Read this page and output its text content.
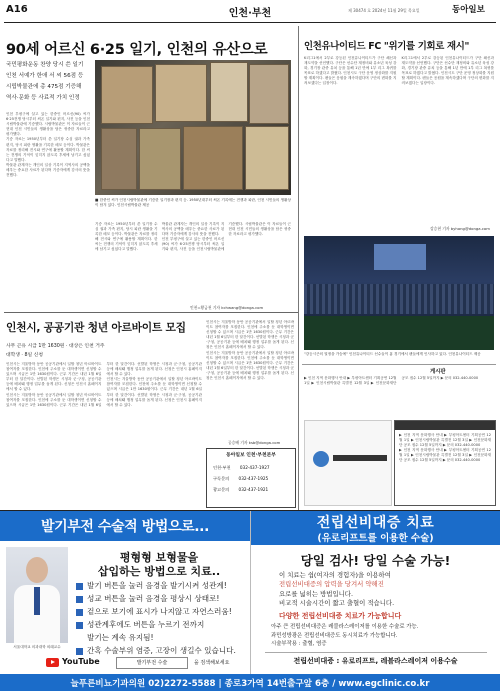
A16	인천·부천	제 30474 호 2024년 11월 29일 목요일	동아일보
90세 어르신 6·25 일기, 인천의 유산으로
국민평화운동 찬양 당시 쓴 일기
인천 서예가 한애 서 씨 56점 등
시립박물관에 총 475점 기증해
역사·문화 등 사료적 가치 인정
인천 부평구에 살고 있는 한중인 어르신(90) 씨가 6·25전쟁 당시부터 써온 일기와 편지, 사진 등을 인천시립박물관에 기증했다. 시립박물관은 이 자료들이 근현대 인천 시민들의 생활상을 담은 귀중한 자료라고 평가했다.
기증 자료는 1950년부터 쓴 일기장 수십 권과 가족 편지, 당시 피란 생활을 기록한 메모 등이다. 박물관은 자료를 정리해 전시와 연구에 활용할 계획이다. 한 씨는 전쟁의 기억이 잊히지 않도록 후세에 남기고 싶었다고 말했다.
박물관 관계자는 개인의 일상 기록이 지역사의 공백을 메우는 중요한 사료가 된다며 기증자에게 감사의 뜻을 전했다.
■ 한중인 씨가 인천시립박물관에 기증한 일기장과 편지 등. 1950년대부터 써온 기록에는 전쟁과 피란, 인천 시민들의 생활상이 담겨 있다. 인천시립박물관 제공
기증 자료는 1950년부터 쓴 일기장 수십 권과 가족 편지, 당시 피란 생활을 기록한 메모 등이다. 박물관은 자료를 정리해 전시와 연구에 활용할 계획이다. 한 씨는 전쟁의 기억이 잊히지 않도록 후세에 남기고 싶었다고 말했다.
박물관 관계자는 개인의 일상 기록이 지역사의 공백을 메우는 중요한 사료가 된다며 기증자에게 감사의 뜻을 전했다.
인천 부평구에 살고 있는 한중인 어르신(90) 씨가 6·25전쟁 당시부터 써온 일기와 편지, 사진 등을 인천시립박물관에 기증했다. 시립박물관은 이 자료들이 근현대 인천 시민들의 생활상을 담은 귀중한 자료라고 평가했다.
인천=황금천 기자 kchwang@donga.com
인천유나이티드 FC "위기를 기회로 재시"
K리그1에서 2부로 강등된 인천유나이티드가 구단 쇄신과 재도약을 선언했다. 구단은 선수단 재정비와 유소년 육성 강화, 경기장 관중 유치 등을 통해 1년 만에 1부 리그 복귀를 목표로 하겠다고 밝혔다. 인천시도 구단 운영 정상화를 지원할 계획이다. 팬들은 응원을 계속하겠다며 구단의 변화를 지켜보겠다는 입장이다.
K리그1에서 2부로 강등된 인천유나이티드가 구단 쇄신과 재도약을 선언했다. 구단은 선수단 재정비와 유소년 육성 강화, 경기장 관중 유치 등을 통해 1년 만에 1부 리그 복귀를 목표로 하겠다고 밝혔다. 인천시도 구단 운영 정상화를 지원할 계획이다. 팬들은 응원을 계속하겠다며 구단의 변화를 지켜보겠다는 입장이다.
강승현 기자 byhong@donga.com
"강등시즌의 열정을 가슴에" 인천유나이티드 선수들이 홈 경기에서 팬들에게 인사하고 있다. 인천유나이티드 제공
게시판
▶ 인천 지역 문화행사 안내 ▶ 부평아트센터 기획공연 12월 1일 ▶ 인천시립박물관 특별전 12월 3일 ▶ 인천문화재단 공모 접수 12월 5일까지 ▶ 문의 032-440-0000
▶ 인천 지역 문화행사 안내 ▶ 부평아트센터 기획공연 12월 1일 ▶ 인천시립박물관 특별전 12월 3일 ▶ 인천문화재단 공모 접수 12월 5일까지 ▶ 문의 032-440-0000
▶ 인천 지역 문화행사 안내 ▶ 부평아트센터 기획공연 12월 1일 ▶ 인천시립박물관 특별전 12월 3일 ▶ 인천문화재단 공모 접수 12월 5일까지 ▶ 문의 032-440-0000
인천시, 공공기관 청년 아르바이트 모집
사무 곤유 시급 1만 1630원 · 대상은 인천 거주 대학생 · 8일 신청
인천시는 겨울방학 동안 공공기관에서 일할 청년 아르바이트 참여자를 모집한다. 인천에 주소를 둔 대학생이면 신청할 수 있으며 시급은 1만 1630원이다. 근무 기간은 내년 1월 6일부터 한 달간이다. 선발된 학생은 시청과 군·구청, 공공기관 등에 배치돼 행정 업무를 돕게 된다. 신청은 인천시 홈페이지에서 할 수 있다.
인천시는 겨울방학 동안 공공기관에서 일할 청년 아르바이트 참여자를 모집한다. 인천에 주소를 둔 대학생이면 신청할 수 있으며 시급은 1만 1630원이다. 근무 기간은 내년 1월 6일부터 한 달간이다. 선발된 학생은 시청과 군·구청, 공공기관 등에 배치돼 행정 업무를 돕게 된다. 신청은 인천시 홈페이지에서 할 수 있다.
인천시는 겨울방학 동안 공공기관에서 일할 청년 아르바이트 참여자를 모집한다. 인천에 주소를 둔 대학생이면 신청할 수 있으며 시급은 1만 1630원이다. 근무 기간은 내년 1월 6일부터 한 달간이다. 선발된 학생은 시청과 군·구청, 공공기관 등에 배치돼 행정 업무를 돕게 된다. 신청은 인천시 홈페이지에서 할 수 있다.
인천시는 겨울방학 동안 공공기관에서 일할 청년 아르바이트 참여자를 모집한다. 인천에 주소를 둔 대학생이면 신청할 수 있으며 시급은 1만 1630원이다. 근무 기간은 내년 1월 6일부터 한 달간이다. 선발된 학생은 시청과 군·구청, 공공기관 등에 배치돼 행정 업무를 돕게 된다. 신청은 인천시 홈페이지에서 할 수 있다.
인천시는 겨울방학 동안 공공기관에서 일할 청년 아르바이트 참여자를 모집한다. 인천에 주소를 둔 대학생이면 신청할 수 있으며 시급은 1만 1630원이다. 근무 기간은 내년 1월 6일부터 한 달간이다. 선발된 학생은 시청과 군·구청, 공공기관 등에 배치돼 행정 업무를 돕게 된다. 신청은 인천시 홈페이지에서 할 수 있다.
공승배 기자 ksb@donga.com
동아일보 인천·부천본부
인천·부천 032-437-1927
구독문의 032-437-1925
광고문의 032-437-1921
발기부전 수술적 방법으로...
서울대학교 의과대학 외래교수
평형형 보형물을
삽입하는 방법으로 치료..
발기 버튼을 눌러 음경을 발기시켜 성관계!
성교 버튼을 눌러 음경을 평상시 상태로!
겉으로 보기에 표시가 나지않고 자연스러움!
성관계후에도 버튼을 누르기 전까지
발기는 계속 유지됨!
간혹 수술부위 염증, 고장이 생길수 있습니다.
YouTube	발기부전 수술	을 검색해보세요
전립선비대증 치료
(유로리프트를 이용한 수술)
당일 검사! 당일 수술 가능!
이 치료는 쉽(여자의 경험자)을 이용하여
전립선비대증의 압력을 당겨서 약해진
요로를 넓히는 방법입니다.
비교적 시술시간이 짧고 출혈이 적습니다.
다양한 전립선비대증 치료가 가능합니다
아주 큰 전립선비대증은 레블라스레이저를 이용한 수술로 가능.
과민성방광은 전립선비대증도 동시치료가 가능합니다.
시술부작용 : 출혈, 염증
전립선비대증 : 유로리프트, 레블라스레이저 이용수술
늘푸른비뇨기과의원 02)2272-5588 | 종로3가역 14번출구앞 6층 / www.egclinic.co.kr
